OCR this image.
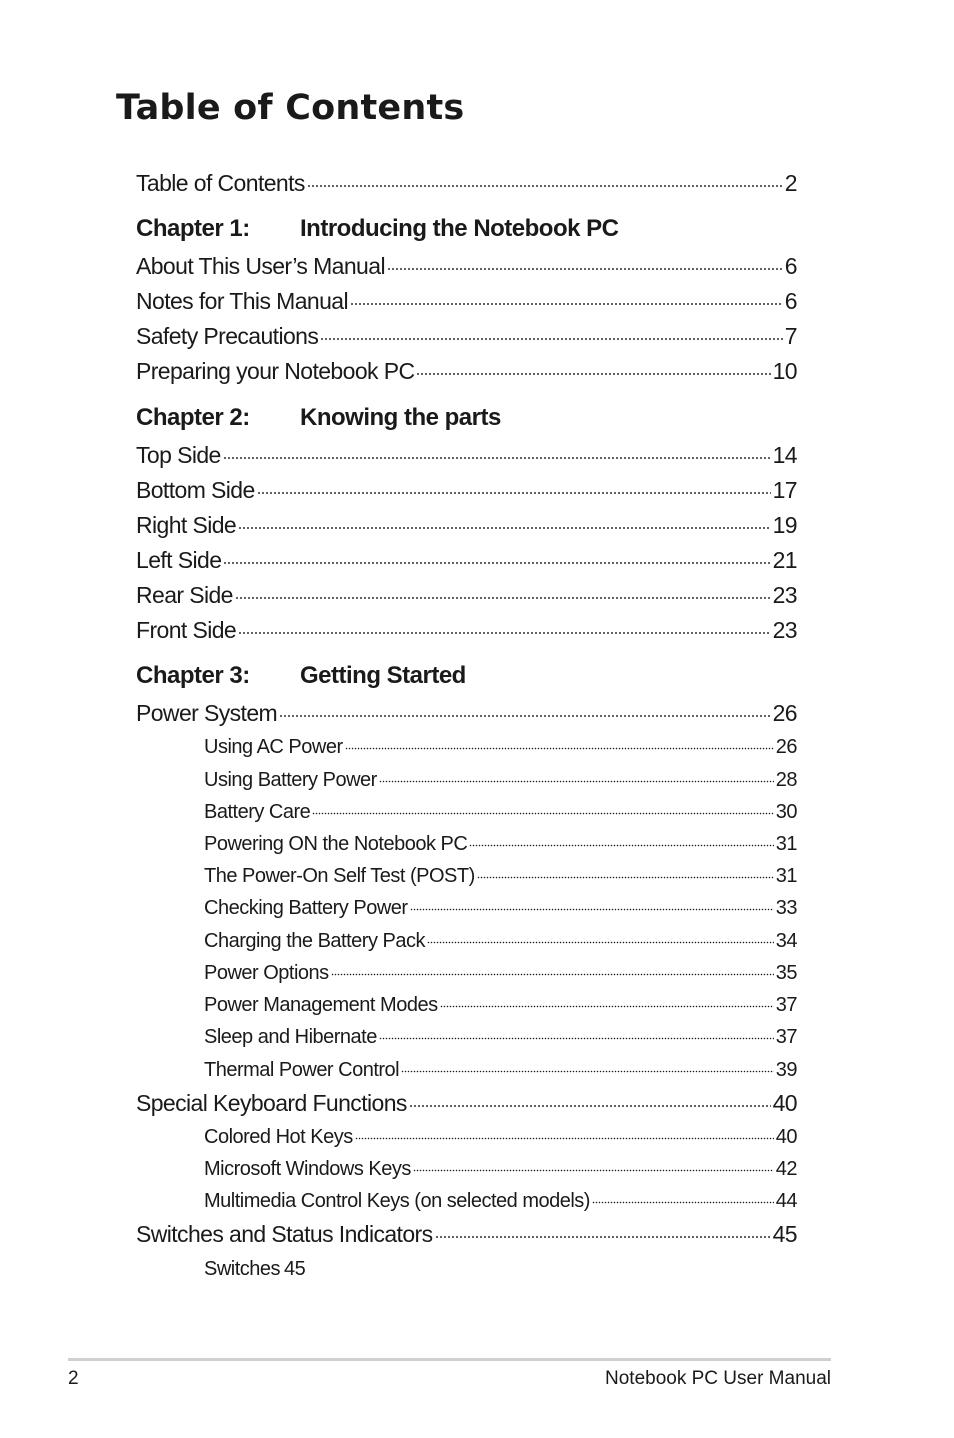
Table of Contents
Table of Contents	2
Chapter 1: Introducing the Notebook PC
About This User’s Manual	6
Notes for This Manual	6
Safety Precautions	7
Preparing your Notebook PC	10
Chapter 2: Knowing the parts
Top Side	14
Bottom Side	17
Right Side	19
Left Side	21
Rear Side	23
Front Side	23
Chapter 3: Getting Started
Power System	26
Using AC Power	26
Using Battery Power	28
Battery Care	30
Powering ON the Notebook PC	31
The Power-On Self Test (POST)	31
Checking Battery Power	33
Charging the Battery Pack	34
Power Options	35
Power Management Modes	37
Sleep and Hibernate	37
Thermal Power Control	39
Special Keyboard Functions	40
Colored Hot Keys	40
Microsoft Windows Keys	42
Multimedia Control Keys (on selected models)	44
Switches and Status Indicators	45
Switches 45
2	Notebook PC User Manual
